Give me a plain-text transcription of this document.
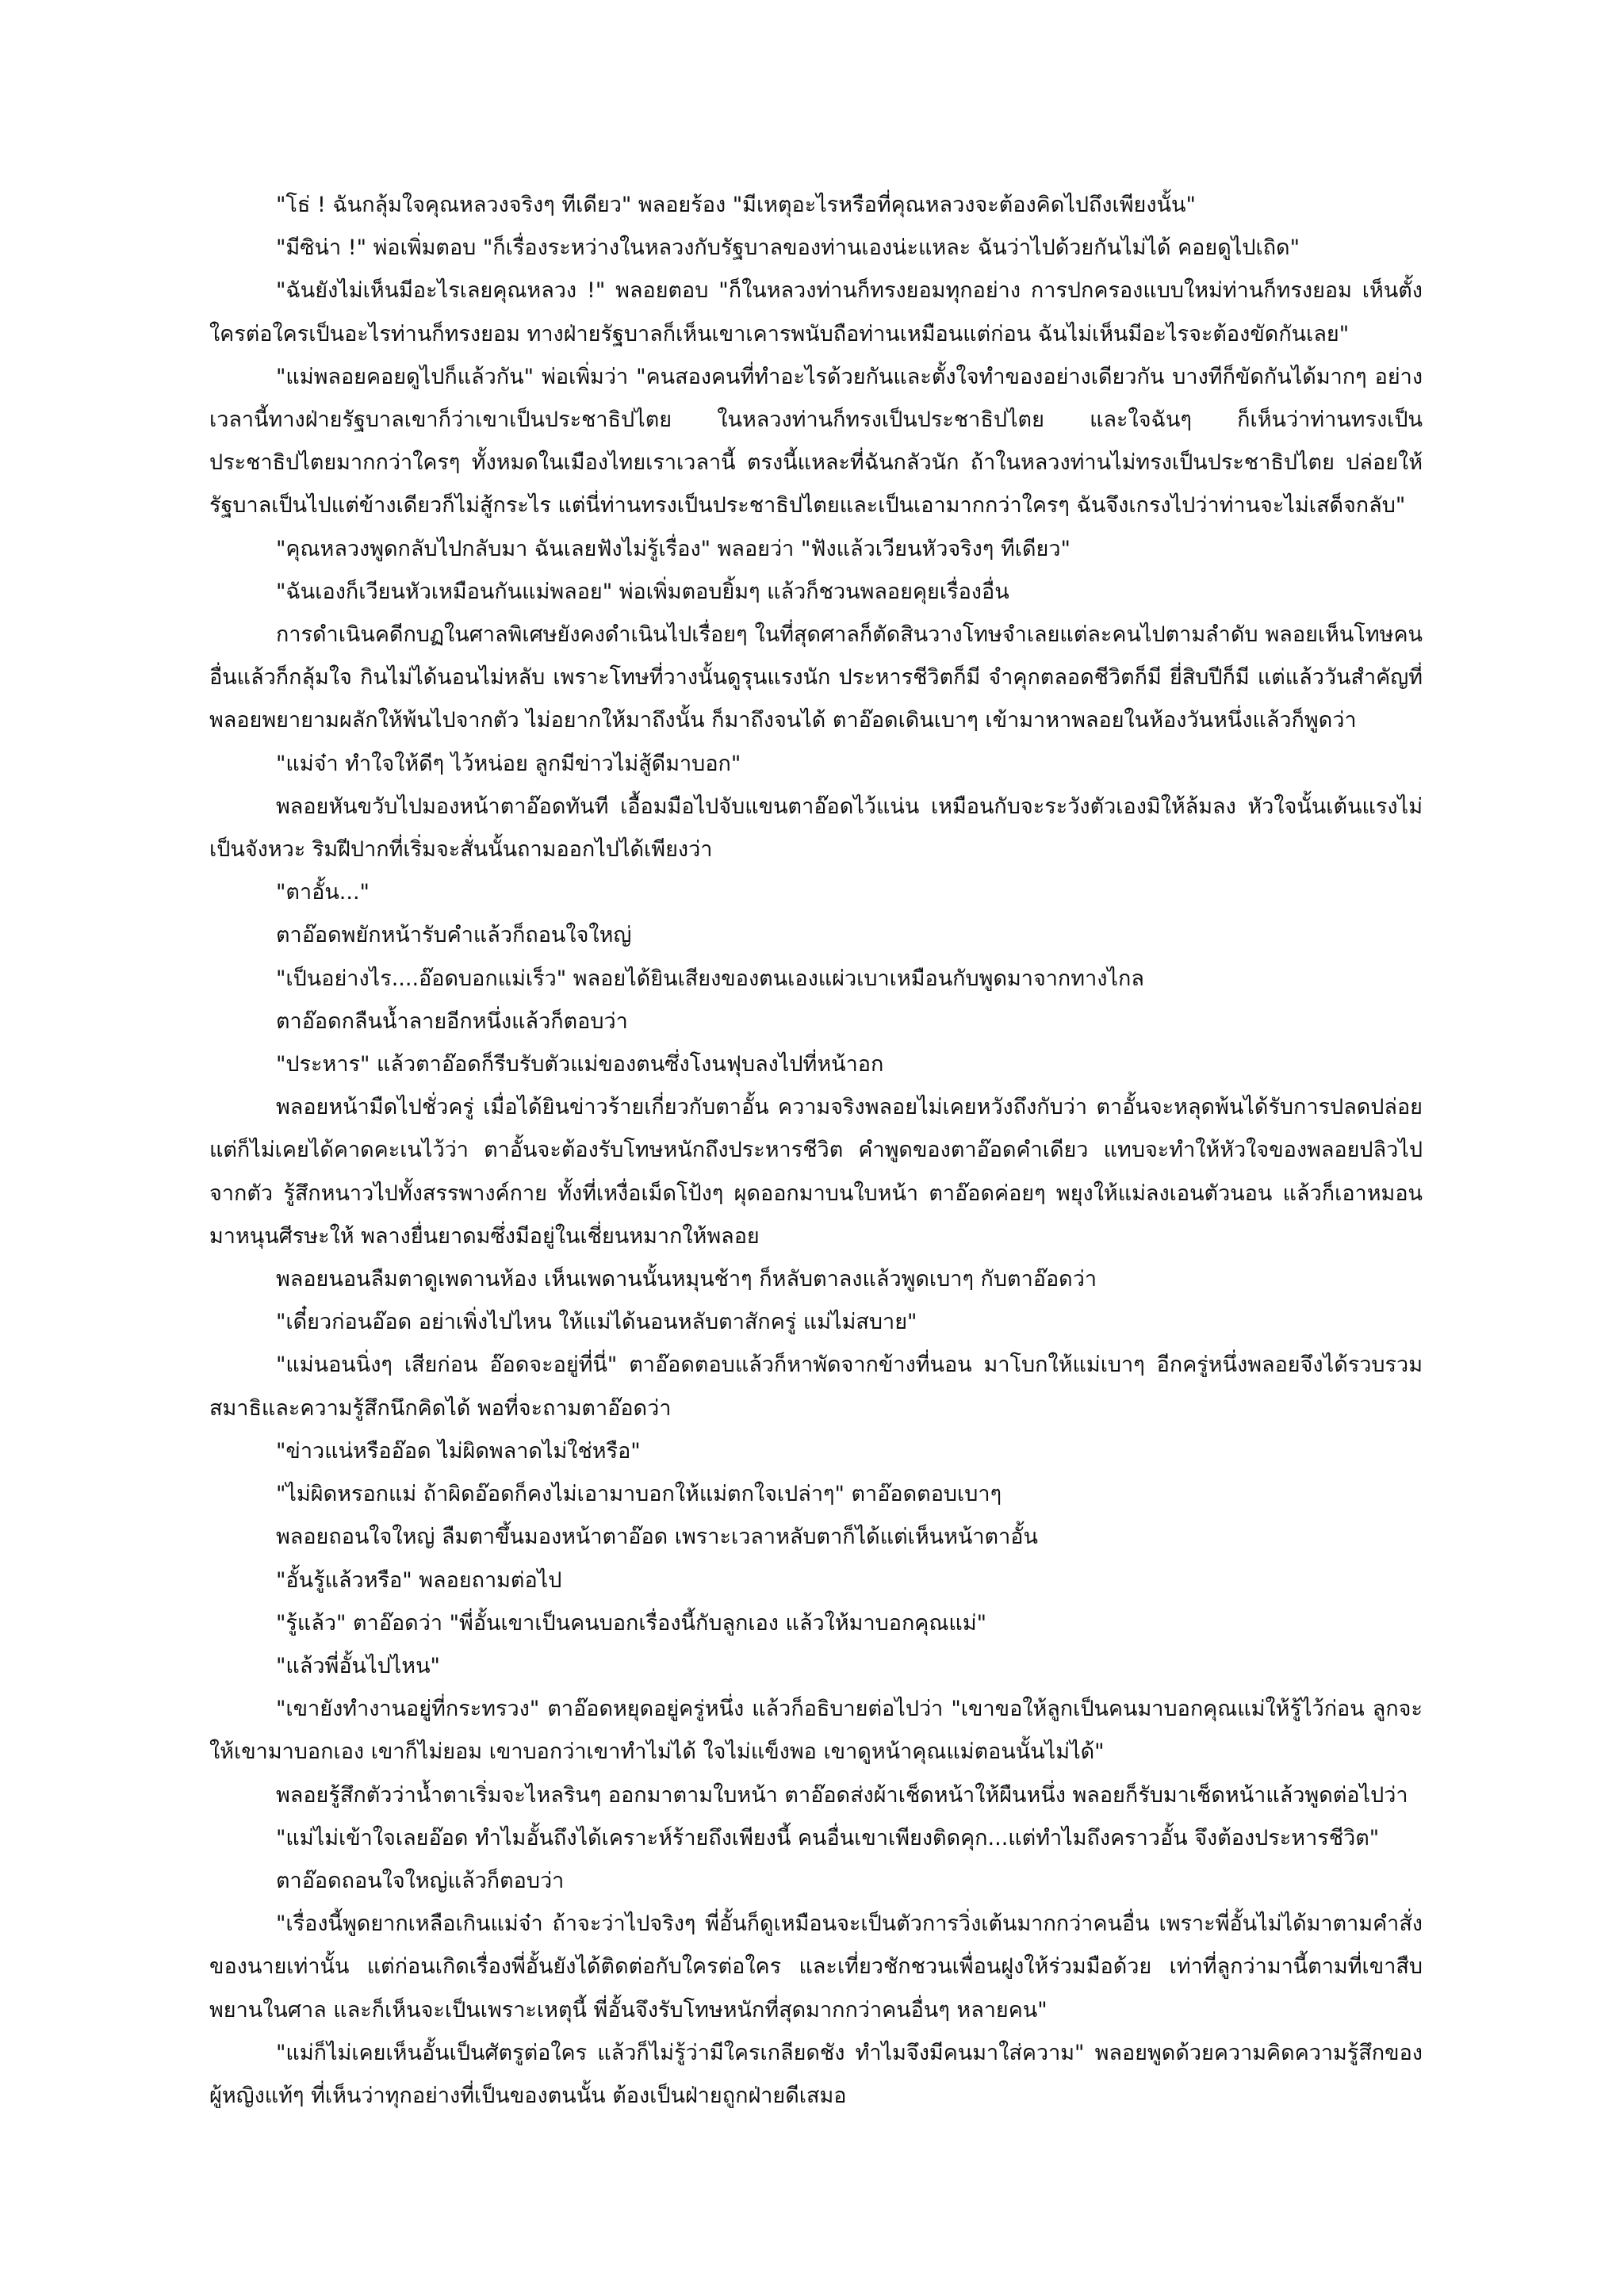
"โธ่ ! ฉันกลุ้มใจคุณหลวงจริงๆ ทีเดียว" พลอยร้อง "มีเหตุอะไรหรือที่คุณหลวงจะต้องคิดไปถึงเพียงนั้น"

"มีซิน่า !" พ่อเพิ่มตอบ "ก็เรื่องระหว่างในหลวงกับรัฐบาลของท่านเองน่ะแหละ ฉันว่าไปด้วยกันไม่ได้ คอยดูไปเถิด"

"ฉันยังไม่เห็นมีอะไรเลยคุณหลวง !" พลอยตอบ "ก็ในหลวงท่านก็ทรงยอมทุกอย่าง การปกครองแบบใหม่ท่านก็ทรงยอม เห็นตั้งใครต่อใครเป็นอะไรท่านก็ทรงยอม ทางฝ่ายรัฐบาลก็เห็นเขาเคารพนับถือท่านเหมือนแต่ก่อน ฉันไม่เห็นมีอะไรจะต้องขัดกันเลย"

"แม่พลอยคอยดูไปก็แล้วกัน" พ่อเพิ่มว่า "คนสองคนที่ทำอะไรด้วยกันและตั้งใจทำของอย่างเดียวกัน บางทีก็ขัดกันได้มากๆ อย่างเวลานี้ทางฝ่ายรัฐบาลเขาก็ว่าเขาเป็นประชาธิปไตย ในหลวงท่านก็ทรงเป็นประชาธิปไตย และใจฉันๆ ก็เห็นว่าท่านทรงเป็นประชาธิปไตยมากกว่าใครๆ ทั้งหมดในเมืองไทยเราเวลานี้ ตรงนี้แหละที่ฉันกลัวนัก ถ้าในหลวงท่านไม่ทรงเป็นประชาธิปไตย ปล่อยให้รัฐบาลเป็นไปแต่ข้างเดียวก็ไม่สู้กระไร แต่นี่ท่านทรงเป็นประชาธิปไตยและเป็นเอามากกว่าใครๆ ฉันจึงเกรงไปว่าท่านจะไม่เสด็จกลับ"

"คุณหลวงพูดกลับไปกลับมา ฉันเลยฟังไม่รู้เรื่อง" พลอยว่า "ฟังแล้วเวียนหัวจริงๆ ทีเดียว"

"ฉันเองก็เวียนหัวเหมือนกันแม่พลอย" พ่อเพิ่มตอบยิ้มๆ แล้วก็ชวนพลอยคุยเรื่องอื่น

การดำเนินคดีกบฏในศาลพิเศษยังคงดำเนินไปเรื่อยๆ ในที่สุดศาลก็ตัดสินวางโทษจำเลยแต่ละคนไปตามลำดับ พลอยเห็นโทษคนอื่นแล้วก็กลุ้มใจ กินไม่ได้นอนไม่หลับ เพราะโทษที่วางนั้นดูรุนแรงนัก ประหารชีวิตก็มี จำคุกตลอดชีวิตก็มี ยี่สิบปีก็มี แต่แล้ววันสำคัญที่พลอยพยายามผลักให้พ้นไปจากตัว ไม่อยากให้มาถึงนั้น ก็มาถึงจนได้ ตาอ๊อดเดินเบาๆ เข้ามาหาพลอยในห้องวันหนึ่งแล้วก็พูดว่า

"แม่จ๋า ทำใจให้ดีๆ ไว้หน่อย ลูกมีข่าวไม่สู้ดีมาบอก"

พลอยหันขวับไปมองหน้าตาอ๊อดทันที เอื้อมมือไปจับแขนตาอ๊อดไว้แน่น เหมือนกับจะระวังตัวเองมิให้ล้มลง หัวใจนั้นเต้นแรงไม่เป็นจังหวะ ริมฝีปากที่เริ่มจะสั่นนั้นถามออกไปได้เพียงว่า

"ตาอั้น..."

ตาอ๊อดพยักหน้ารับคำแล้วก็ถอนใจใหญ่

"เป็นอย่างไร....อ๊อดบอกแม่เร็ว" พลอยได้ยินเสียงของตนเองแผ่วเบาเหมือนกับพูดมาจากทางไกล

ตาอ๊อดกลืนน้ำลายอีกหนึ่งแล้วก็ตอบว่า

"ประหาร" แล้วตาอ๊อดก็รีบรับตัวแม่ของตนซึ่งโงนฟุบลงไปที่หน้าอก

พลอยหน้ามืดไปชั่วครู่ เมื่อได้ยินข่าวร้ายเกี่ยวกับตาอั้น ความจริงพลอยไม่เคยหวังถึงกับว่า ตาอั้นจะหลุดพ้นได้รับการปลดปล่อย แต่ก็ไม่เคยได้คาดคะเนไว้ว่า ตาอั้นจะต้องรับโทษหนักถึงประหารชีวิต คำพูดของตาอ๊อดคำเดียว แทบจะทำให้หัวใจของพลอยปลิวไปจากตัว รู้สึกหนาวไปทั้งสรรพางค์กาย ทั้งที่เหงื่อเม็ดโป้งๆ ผุดออกมาบนใบหน้า ตาอ๊อดค่อยๆ พยุงให้แม่ลงเอนตัวนอน แล้วก็เอาหมอนมาหนุนศีรษะให้ พลางยื่นยาดมซึ่งมีอยู่ในเชี่ยนหมากให้พลอย

พลอยนอนลืมตาดูเพดานห้อง เห็นเพดานนั้นหมุนช้าๆ ก็หลับตาลงแล้วพูดเบาๆ กับตาอ๊อดว่า

"เดี๋ยวก่อนอ๊อด อย่าเพิ่งไปไหน ให้แม่ได้นอนหลับตาสักครู่ แม่ไม่สบาย"

"แม่นอนนิ่งๆ เสียก่อน อ๊อดจะอยู่ที่นี่" ตาอ๊อดตอบแล้วก็หาพัดจากข้างที่นอน มาโบกให้แม่เบาๆ อีกครู่หนึ่งพลอยจึงได้รวบรวมสมาธิและความรู้สึกนึกคิดได้ พอที่จะถามตาอ๊อดว่า

"ข่าวแน่หรืออ๊อด ไม่ผิดพลาดไม่ใช่หรือ"

"ไม่ผิดหรอกแม่ ถ้าผิดอ๊อดก็คงไม่เอามาบอกให้แม่ตกใจเปล่าๆ" ตาอ๊อดตอบเบาๆ

พลอยถอนใจใหญ่ ลืมตาขึ้นมองหน้าตาอ๊อด เพราะเวลาหลับตาก็ได้แต่เห็นหน้าตาอั้น

"อั้นรู้แล้วหรือ" พลอยถามต่อไป

"รู้แล้ว" ตาอ๊อดว่า "พี่อั้นเขาเป็นคนบอกเรื่องนี้กับลูกเอง แล้วให้มาบอกคุณแม่"

"แล้วพี่อั้นไปไหน"

"เขายังทำงานอยู่ที่กระทรวง" ตาอ๊อดหยุดอยู่ครู่หนึ่ง แล้วก็อธิบายต่อไปว่า "เขาขอให้ลูกเป็นคนมาบอกคุณแม่ให้รู้ไว้ก่อน ลูกจะให้เขามาบอกเอง เขาก็ไม่ยอม เขาบอกว่าเขาทำไม่ได้ ใจไม่แข็งพอ เขาดูหน้าคุณแม่ตอนนั้นไม่ได้"

พลอยรู้สึกตัวว่าน้ำตาเริ่มจะไหลรินๆ ออกมาตามใบหน้า ตาอ๊อดส่งผ้าเช็ดหน้าให้ผืนหนึ่ง พลอยก็รับมาเช็ดหน้าแล้วพูดต่อไปว่า

"แม่ไม่เข้าใจเลยอ๊อด ทำไมอั้นถึงได้เคราะห์ร้ายถึงเพียงนี้ คนอื่นเขาเพียงติดคุก...แต่ทำไมถึงคราวอั้น จึงต้องประหารชีวิต"

ตาอ๊อดถอนใจใหญ่แล้วก็ตอบว่า

"เรื่องนี้พูดยากเหลือเกินแม่จ๋า ถ้าจะว่าไปจริงๆ พี่อั้นก็ดูเหมือนจะเป็นตัวการวิ่งเต้นมากกว่าคนอื่น เพราะพี่อั้นไม่ได้มาตามคำสั่งของนายเท่านั้น แต่ก่อนเกิดเรื่องพี่อั้นยังได้ติดต่อกับใครต่อใคร และเที่ยวชักชวนเพื่อนฝูงให้ร่วมมือด้วย เท่าที่ลูกว่ามานี้ตามที่เขาสืบพยานในศาล และก็เห็นจะเป็นเพราะเหตุนี้ พี่อั้นจึงรับโทษหนักที่สุดมากกว่าคนอื่นๆ หลายคน"

"แม่ก็ไม่เคยเห็นอั้นเป็นศัตรูต่อใคร แล้วก็ไม่รู้ว่ามีใครเกลียดชัง ทำไมจึงมีคนมาใส่ความ" พลอยพูดด้วยความคิดความรู้สึกของผู้หญิงแท้ๆ ที่เห็นว่าทุกอย่างที่เป็นของตนนั้น ต้องเป็นฝ่ายถูกฝ่ายดีเสมอ
